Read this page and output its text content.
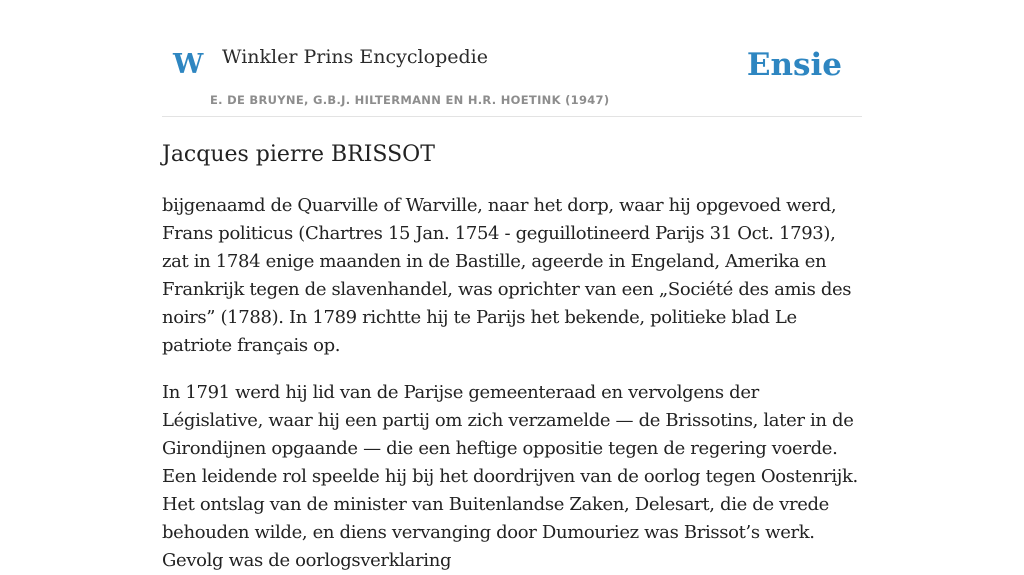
W Winkler Prins Encyclopedie
E. DE BRUYNE, G.B.J. HILTERMANN EN H.R. HOETINK (1947)
Ensie
Jacques pierre BRISSOT

bijgenaamd de Quarville of Warville, naar het dorp, waar hij opgevoed werd, Frans politicus (Chartres 15 Jan. 1754 - geguillotineerd Parijs 31 Oct. 1793), zat in 1784 enige maanden in de Bastille, ageerde in Engeland, Amerika en Frankrijk tegen de slavenhandel, was oprichter van een „Société des amis des noirs” (1788). In 1789 richtte hij te Parijs het bekende, politieke blad Le patriote français op.

In 1791 werd hij lid van de Parijse gemeenteraad en vervolgens der Législative, waar hij een partij om zich verzamelde — de Brissotins, later in de Girondijnen opgaande — die een heftige oppositie tegen de regering voerde. Een leidende rol speelde hij bij het doordrijven van de oorlog tegen Oostenrijk. Het ontslag van de minister van Buitenlandse Zaken, Delesart, die de vrede behouden wilde, en diens vervanging door Dumouriez was Brissot’s werk. Gevolg was de oorlogsverklaring
